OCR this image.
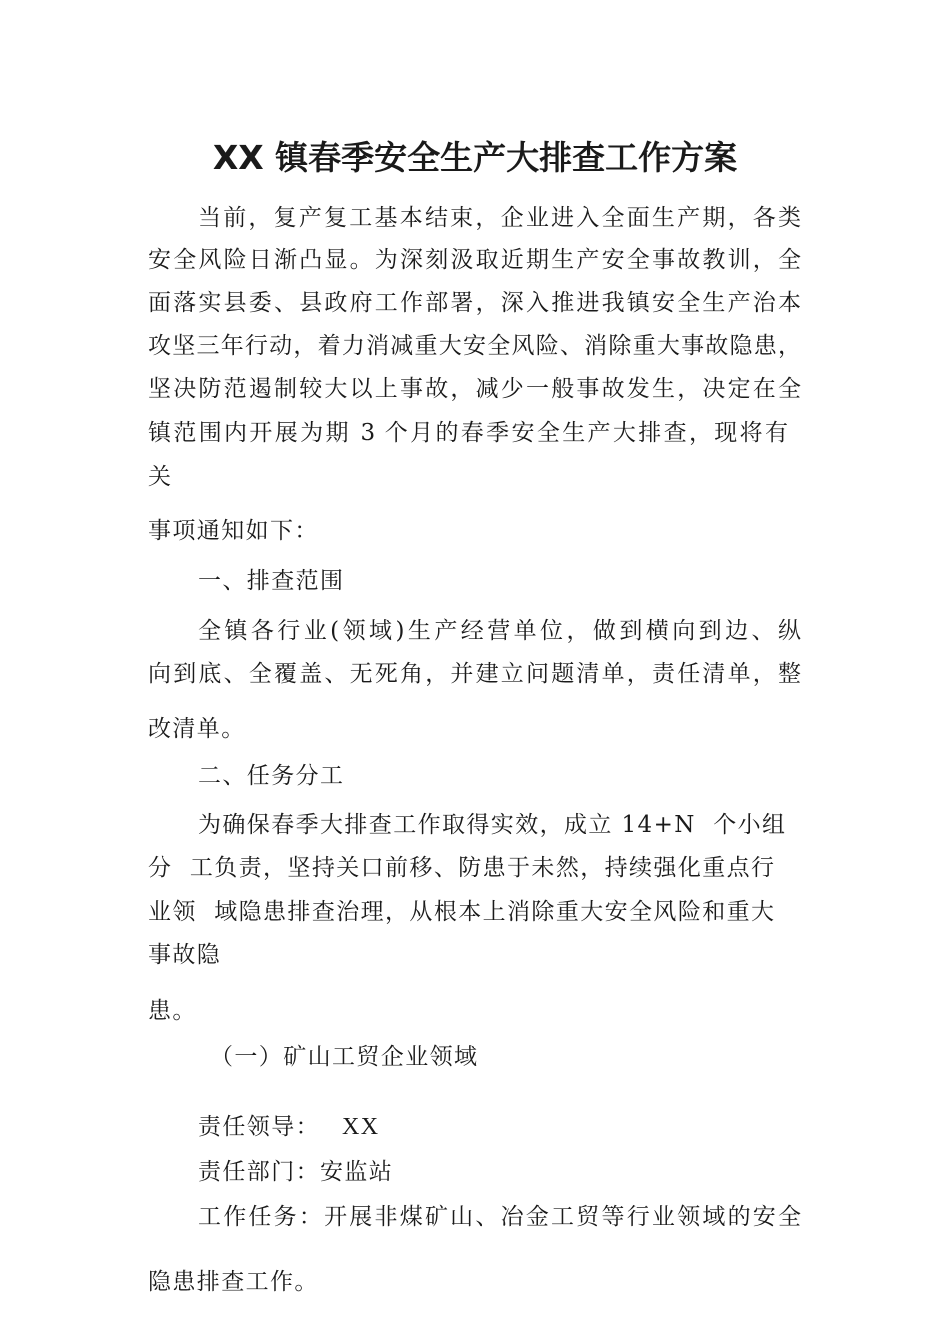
XX 镇春季安全生产大排查工作方案
当前，复产复工基本结束，企业进入全面生产期，各类
安全风险日渐凸显。为深刻汲取近期生产安全事故教训，全
面落实县委、县政府工作部署，深入推进我镇安全生产治本
攻坚三年行动，着力消减重大安全风险、消除重大事故隐患，
坚决防范遏制较大以上事故，减少一般事故发生，决定在全
镇范围内开展为期 3 个月的春季安全生产大排查，现将有
关
事项通知如下：
一、排查范围
全镇各行业(领域)生产经营单位，做到横向到边、纵
向到底、全覆盖、无死角，并建立问题清单，责任清单，整
改清单。
二、任务分工
为确保春季大排查工作取得实效，成立 14+N  个小组
分  工负责，坚持关口前移、防患于未然，持续强化重点行
业领  域隐患排查治理，从根本上消除重大安全风险和重大
事故隐
患。
（一）矿山工贸企业领域
责任领导： XX
责任部门：安监站
工作任务：开展非煤矿山、冶金工贸等行业领域的安全
隐患排查工作。
